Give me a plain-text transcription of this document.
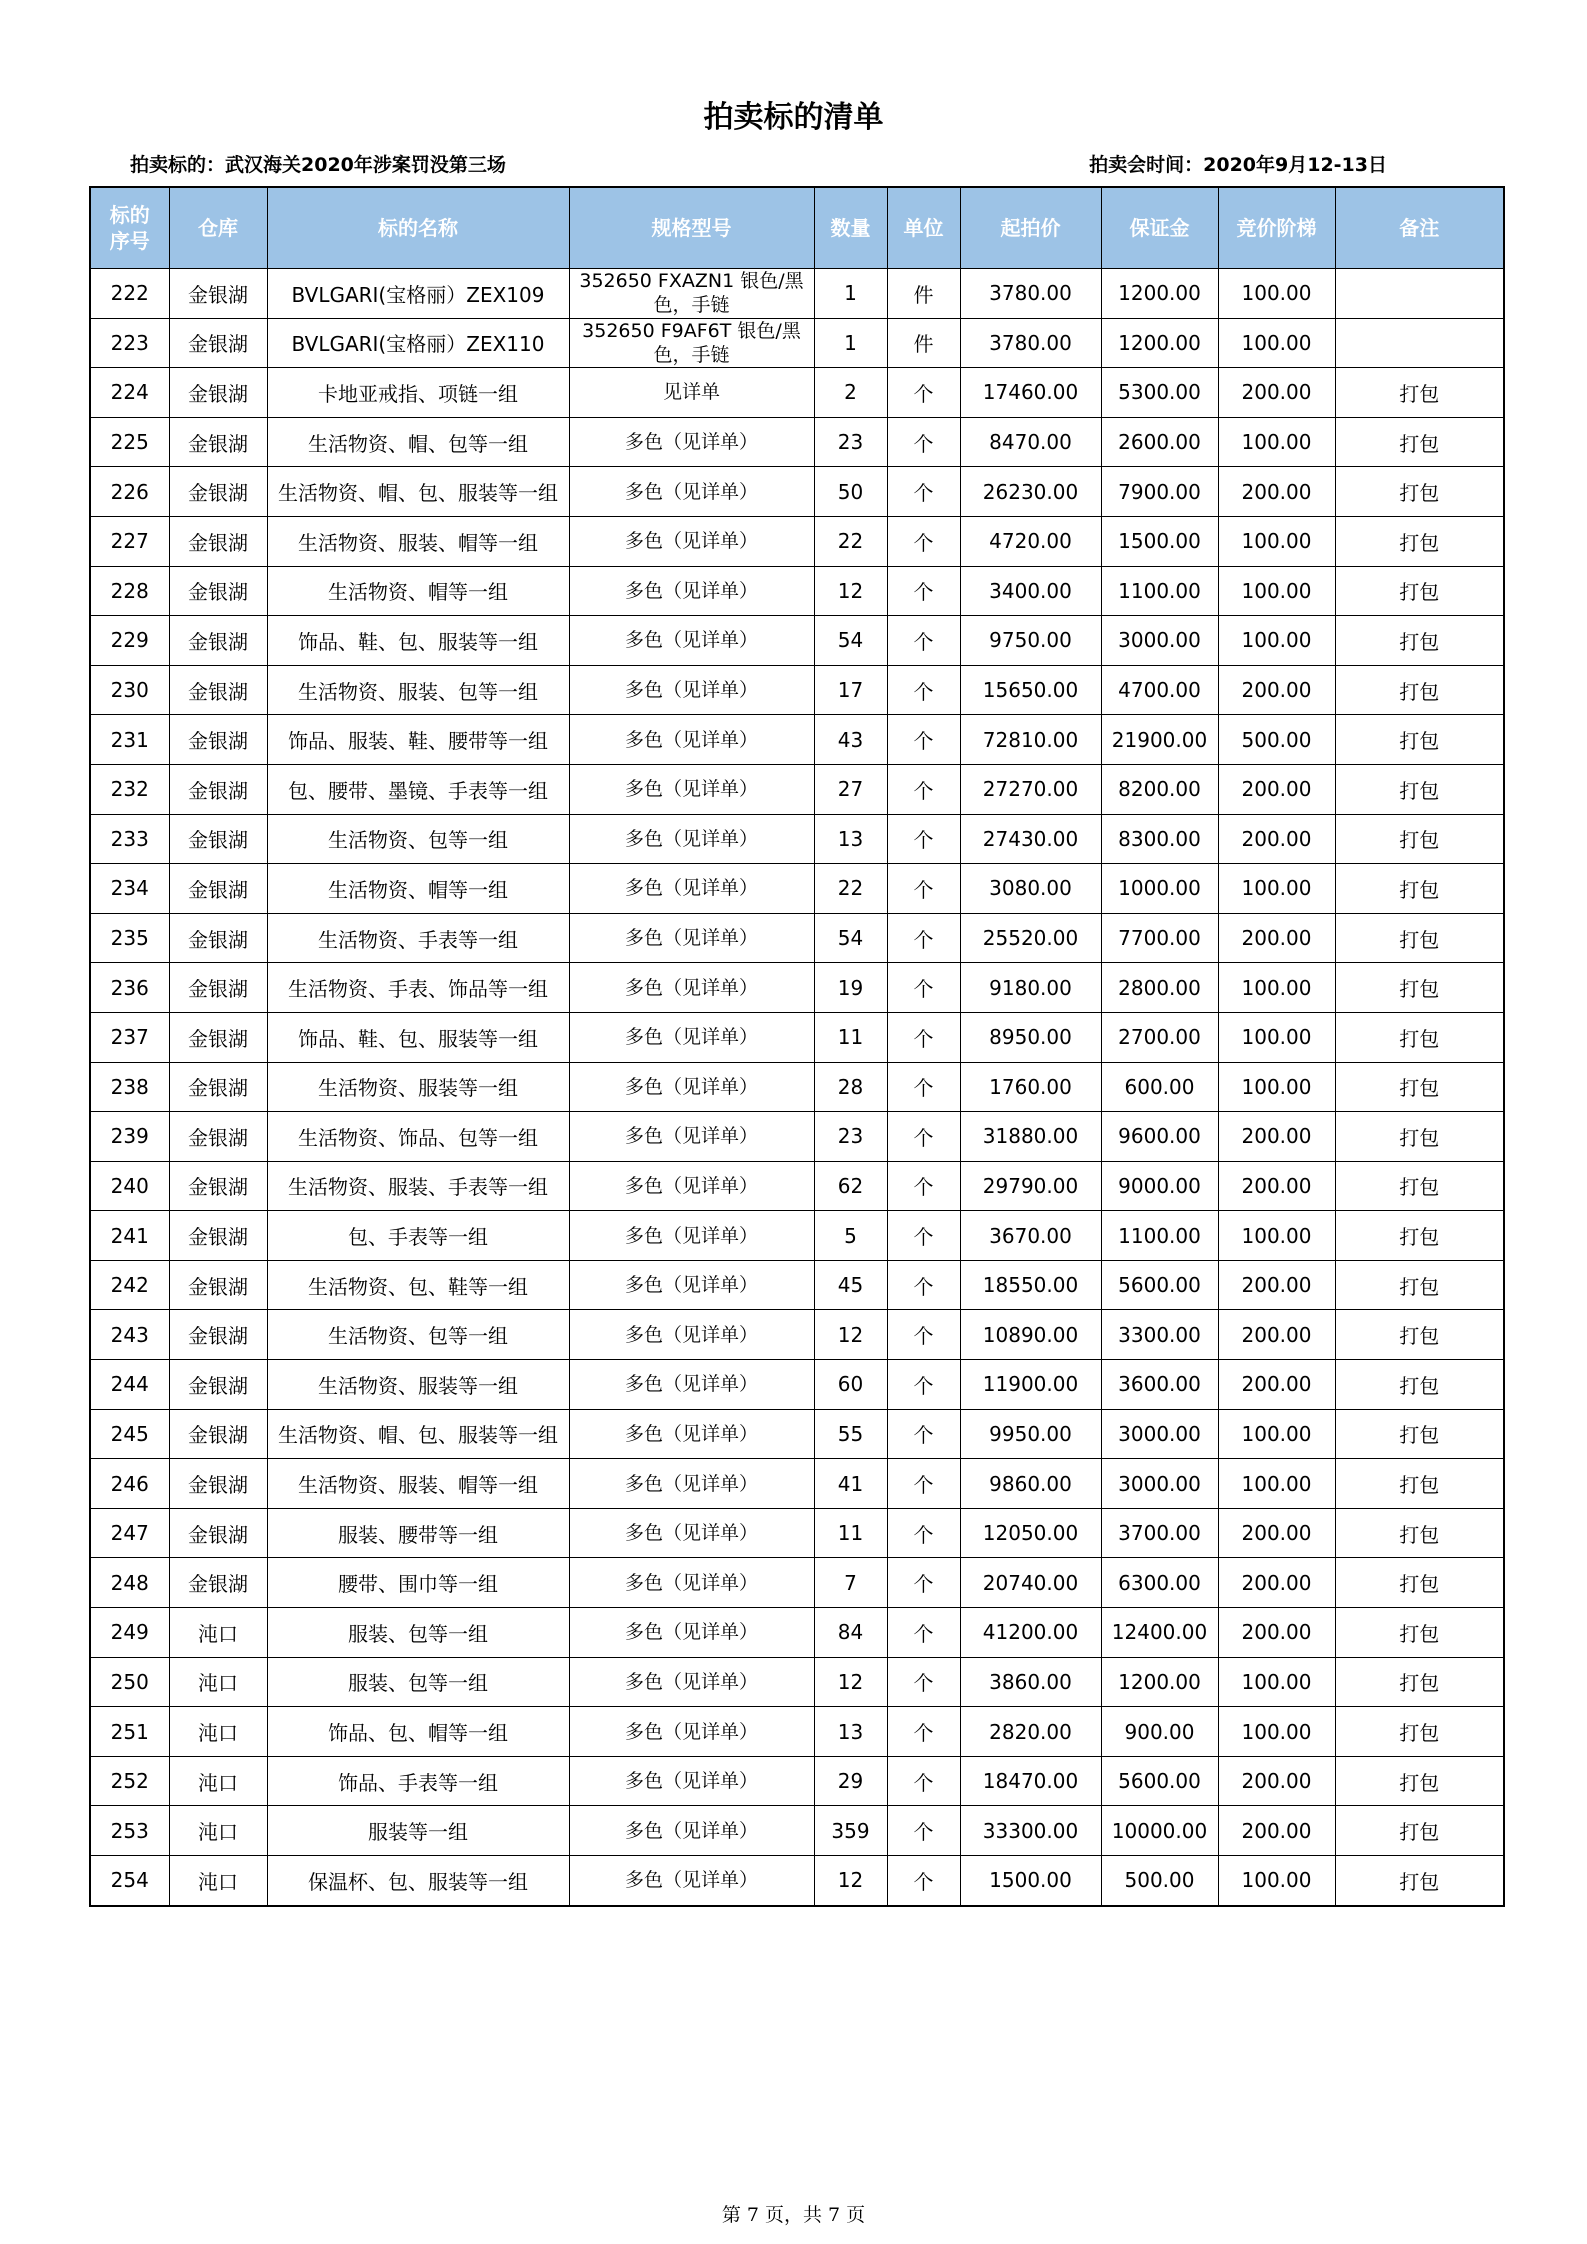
拍卖标的清单
拍卖标的：武汉海关2020年涉案罚没第三场	拍卖会时间：2020年9月12-13日
标的
序号	仓库	标的名称	规格型号	数量	单位	起拍价	保证金	竞价阶梯	备注
222	金银湖	BVLGARI(宝格丽）ZEX109	352650 FXAZN1 银色/黑色，手链	1	件	3780.00	1200.00	100.00	
223	金银湖	BVLGARI(宝格丽）ZEX110	352650 F9AF6T 银色/黑色，手链	1	件	3780.00	1200.00	100.00	
224	金银湖	卡地亚戒指、项链一组	见详单	2	个	17460.00	5300.00	200.00	打包
225	金银湖	生活物资、帽、包等一组	多色（见详单）	23	个	8470.00	2600.00	100.00	打包
226	金银湖	生活物资、帽、包、服装等一组	多色（见详单）	50	个	26230.00	7900.00	200.00	打包
227	金银湖	生活物资、服装、帽等一组	多色（见详单）	22	个	4720.00	1500.00	100.00	打包
228	金银湖	生活物资、帽等一组	多色（见详单）	12	个	3400.00	1100.00	100.00	打包
229	金银湖	饰品、鞋、包、服装等一组	多色（见详单）	54	个	9750.00	3000.00	100.00	打包
230	金银湖	生活物资、服装、包等一组	多色（见详单）	17	个	15650.00	4700.00	200.00	打包
231	金银湖	饰品、服装、鞋、腰带等一组	多色（见详单）	43	个	72810.00	21900.00	500.00	打包
232	金银湖	包、腰带、墨镜、手表等一组	多色（见详单）	27	个	27270.00	8200.00	200.00	打包
233	金银湖	生活物资、包等一组	多色（见详单）	13	个	27430.00	8300.00	200.00	打包
234	金银湖	生活物资、帽等一组	多色（见详单）	22	个	3080.00	1000.00	100.00	打包
235	金银湖	生活物资、手表等一组	多色（见详单）	54	个	25520.00	7700.00	200.00	打包
236	金银湖	生活物资、手表、饰品等一组	多色（见详单）	19	个	9180.00	2800.00	100.00	打包
237	金银湖	饰品、鞋、包、服装等一组	多色（见详单）	11	个	8950.00	2700.00	100.00	打包
238	金银湖	生活物资、服装等一组	多色（见详单）	28	个	1760.00	600.00	100.00	打包
239	金银湖	生活物资、饰品、包等一组	多色（见详单）	23	个	31880.00	9600.00	200.00	打包
240	金银湖	生活物资、服装、手表等一组	多色（见详单）	62	个	29790.00	9000.00	200.00	打包
241	金银湖	包、手表等一组	多色（见详单）	5	个	3670.00	1100.00	100.00	打包
242	金银湖	生活物资、包、鞋等一组	多色（见详单）	45	个	18550.00	5600.00	200.00	打包
243	金银湖	生活物资、包等一组	多色（见详单）	12	个	10890.00	3300.00	200.00	打包
244	金银湖	生活物资、服装等一组	多色（见详单）	60	个	11900.00	3600.00	200.00	打包
245	金银湖	生活物资、帽、包、服装等一组	多色（见详单）	55	个	9950.00	3000.00	100.00	打包
246	金银湖	生活物资、服装、帽等一组	多色（见详单）	41	个	9860.00	3000.00	100.00	打包
247	金银湖	服装、腰带等一组	多色（见详单）	11	个	12050.00	3700.00	200.00	打包
248	金银湖	腰带、围巾等一组	多色（见详单）	7	个	20740.00	6300.00	200.00	打包
249	沌口	服装、包等一组	多色（见详单）	84	个	41200.00	12400.00	200.00	打包
250	沌口	服装、包等一组	多色（见详单）	12	个	3860.00	1200.00	100.00	打包
251	沌口	饰品、包、帽等一组	多色（见详单）	13	个	2820.00	900.00	100.00	打包
252	沌口	饰品、手表等一组	多色（见详单）	29	个	18470.00	5600.00	200.00	打包
253	沌口	服装等一组	多色（见详单）	359	个	33300.00	10000.00	200.00	打包
254	沌口	保温杯、包、服装等一组	多色（见详单）	12	个	1500.00	500.00	100.00	打包
第 7 页，共 7 页
